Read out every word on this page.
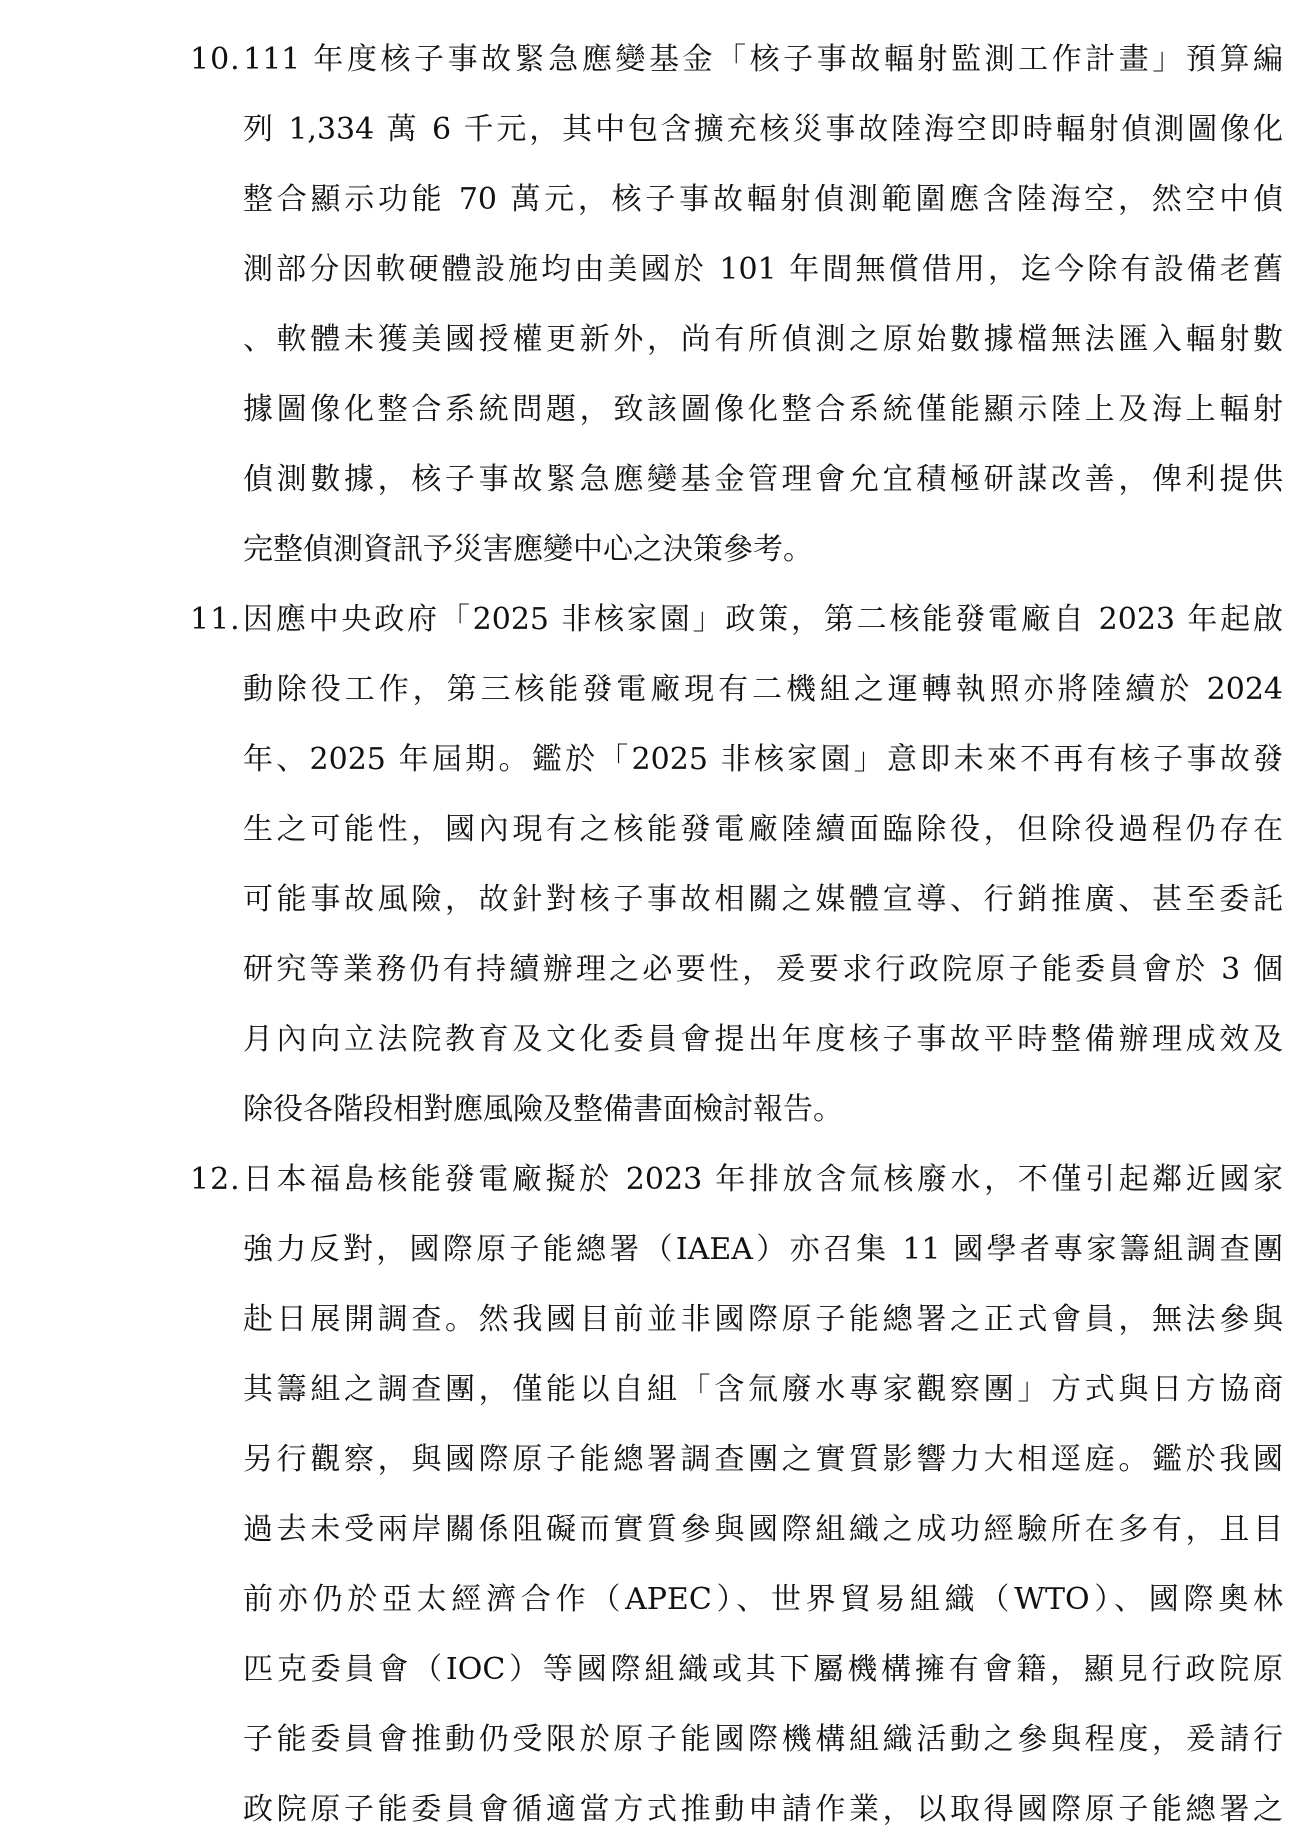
10. 111 年度核子事故緊急應變基金「核子事故輻射監測工作計畫」預算編
列 1,334 萬 6 千元，其中包含擴充核災事故陸海空即時輻射偵測圖像化
整合顯示功能 70 萬元，核子事故輻射偵測範圍應含陸海空，然空中偵
測部分因軟硬體設施均由美國於 101 年間無償借用，迄今除有設備老舊
、軟體未獲美國授權更新外，尚有所偵測之原始數據檔無法匯入輻射數
據圖像化整合系統問題，致該圖像化整合系統僅能顯示陸上及海上輻射
偵測數據，核子事故緊急應變基金管理會允宜積極研謀改善，俾利提供
完整偵測資訊予災害應變中心之決策參考。
11. 因應中央政府「2025 非核家園」政策，第二核能發電廠自 2023 年起啟
動除役工作，第三核能發電廠現有二機組之運轉執照亦將陸續於 2024
年、2025 年屆期。鑑於「2025 非核家園」意即未來不再有核子事故發
生之可能性，國內現有之核能發電廠陸續面臨除役，但除役過程仍存在
可能事故風險，故針對核子事故相關之媒體宣導、行銷推廣、甚至委託
研究等業務仍有持續辦理之必要性，爰要求行政院原子能委員會於 3 個
月內向立法院教育及文化委員會提出年度核子事故平時整備辦理成效及
除役各階段相對應風險及整備書面檢討報告。
12. 日本福島核能發電廠擬於 2023 年排放含氚核廢水，不僅引起鄰近國家
強力反對，國際原子能總署（IAEA）亦召集 11 國學者專家籌組調查團
赴日展開調查。然我國目前並非國際原子能總署之正式會員，無法參與
其籌組之調查團，僅能以自組「含氚廢水專家觀察團」方式與日方協商
另行觀察，與國際原子能總署調查團之實質影響力大相逕庭。鑑於我國
過去未受兩岸關係阻礙而實質參與國際組織之成功經驗所在多有，且目
前亦仍於亞太經濟合作（APEC）、世界貿易組織（WTO）、國際奧林
匹克委員會（IOC）等國際組織或其下屬機構擁有會籍，顯見行政院原
子能委員會推動仍受限於原子能國際機構組織活動之參與程度，爰請行
政院原子能委員會循適當方式推動申請作業，以取得國際原子能總署之
